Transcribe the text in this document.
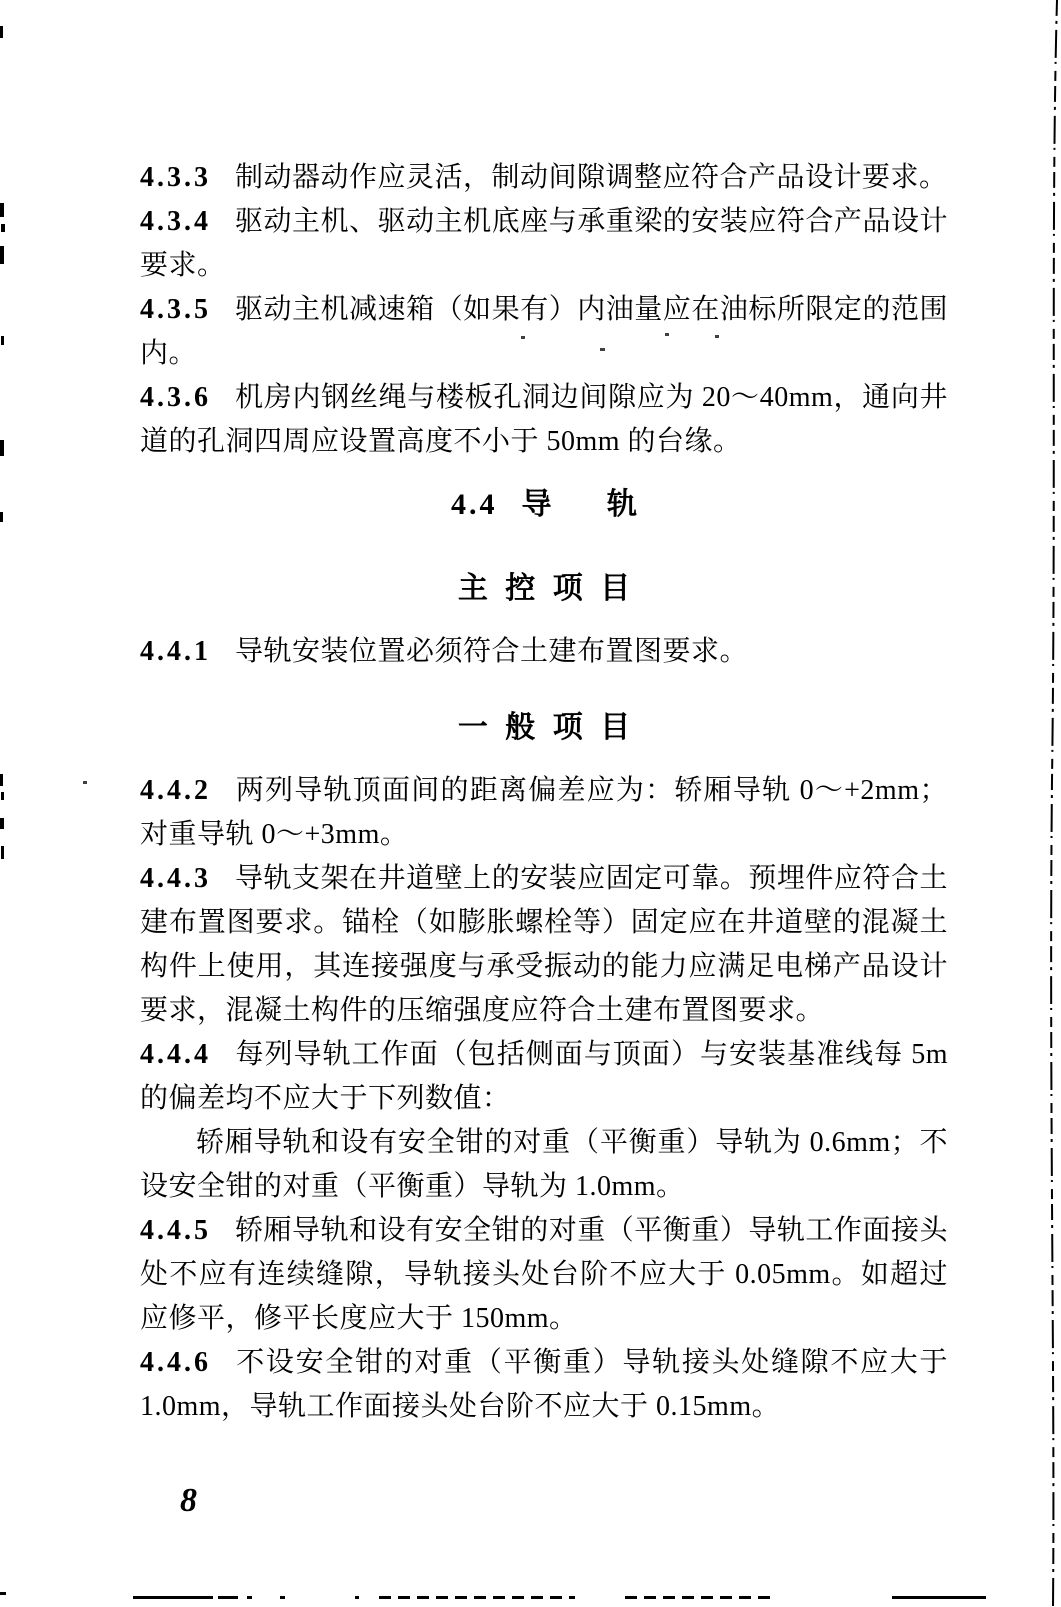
4.3.3 制动器动作应灵活，制动间隙调整应符合产品设计要求。

4.3.4 驱动主机、驱动主机底座与承重梁的安装应符合产品设计要求。

4.3.5 驱动主机减速箱（如果有）内油量应在油标所限定的范围内。

4.3.6 机房内钢丝绳与楼板孔洞边间隙应为 20～40mm，通向井道的孔洞四周应设置高度不小于 50mm 的台缘。

4.4 导轨

主控项目

4.4.1 导轨安装位置必须符合土建布置图要求。

一般项目

4.4.2 两列导轨顶面间的距离偏差应为：轿厢导轨 0～+2mm；对重导轨 0～+3mm。

4.4.3 导轨支架在井道壁上的安装应固定可靠。预埋件应符合土建布置图要求。锚栓（如膨胀螺栓等）固定应在井道壁的混凝土构件上使用，其连接强度与承受振动的能力应满足电梯产品设计要求，混凝土构件的压缩强度应符合土建布置图要求。

4.4.4 每列导轨工作面（包括侧面与顶面）与安装基准线每 5m 的偏差均不应大于下列数值：

轿厢导轨和设有安全钳的对重（平衡重）导轨为 0.6mm；不设安全钳的对重（平衡重）导轨为 1.0mm。

4.4.5 轿厢导轨和设有安全钳的对重（平衡重）导轨工作面接头处不应有连续缝隙，导轨接头处台阶不应大于 0.05mm。如超过应修平，修平长度应大于 150mm。

4.4.6 不设安全钳的对重（平衡重）导轨接头处缝隙不应大于 1.0mm，导轨工作面接头处台阶不应大于 0.15mm。

8
